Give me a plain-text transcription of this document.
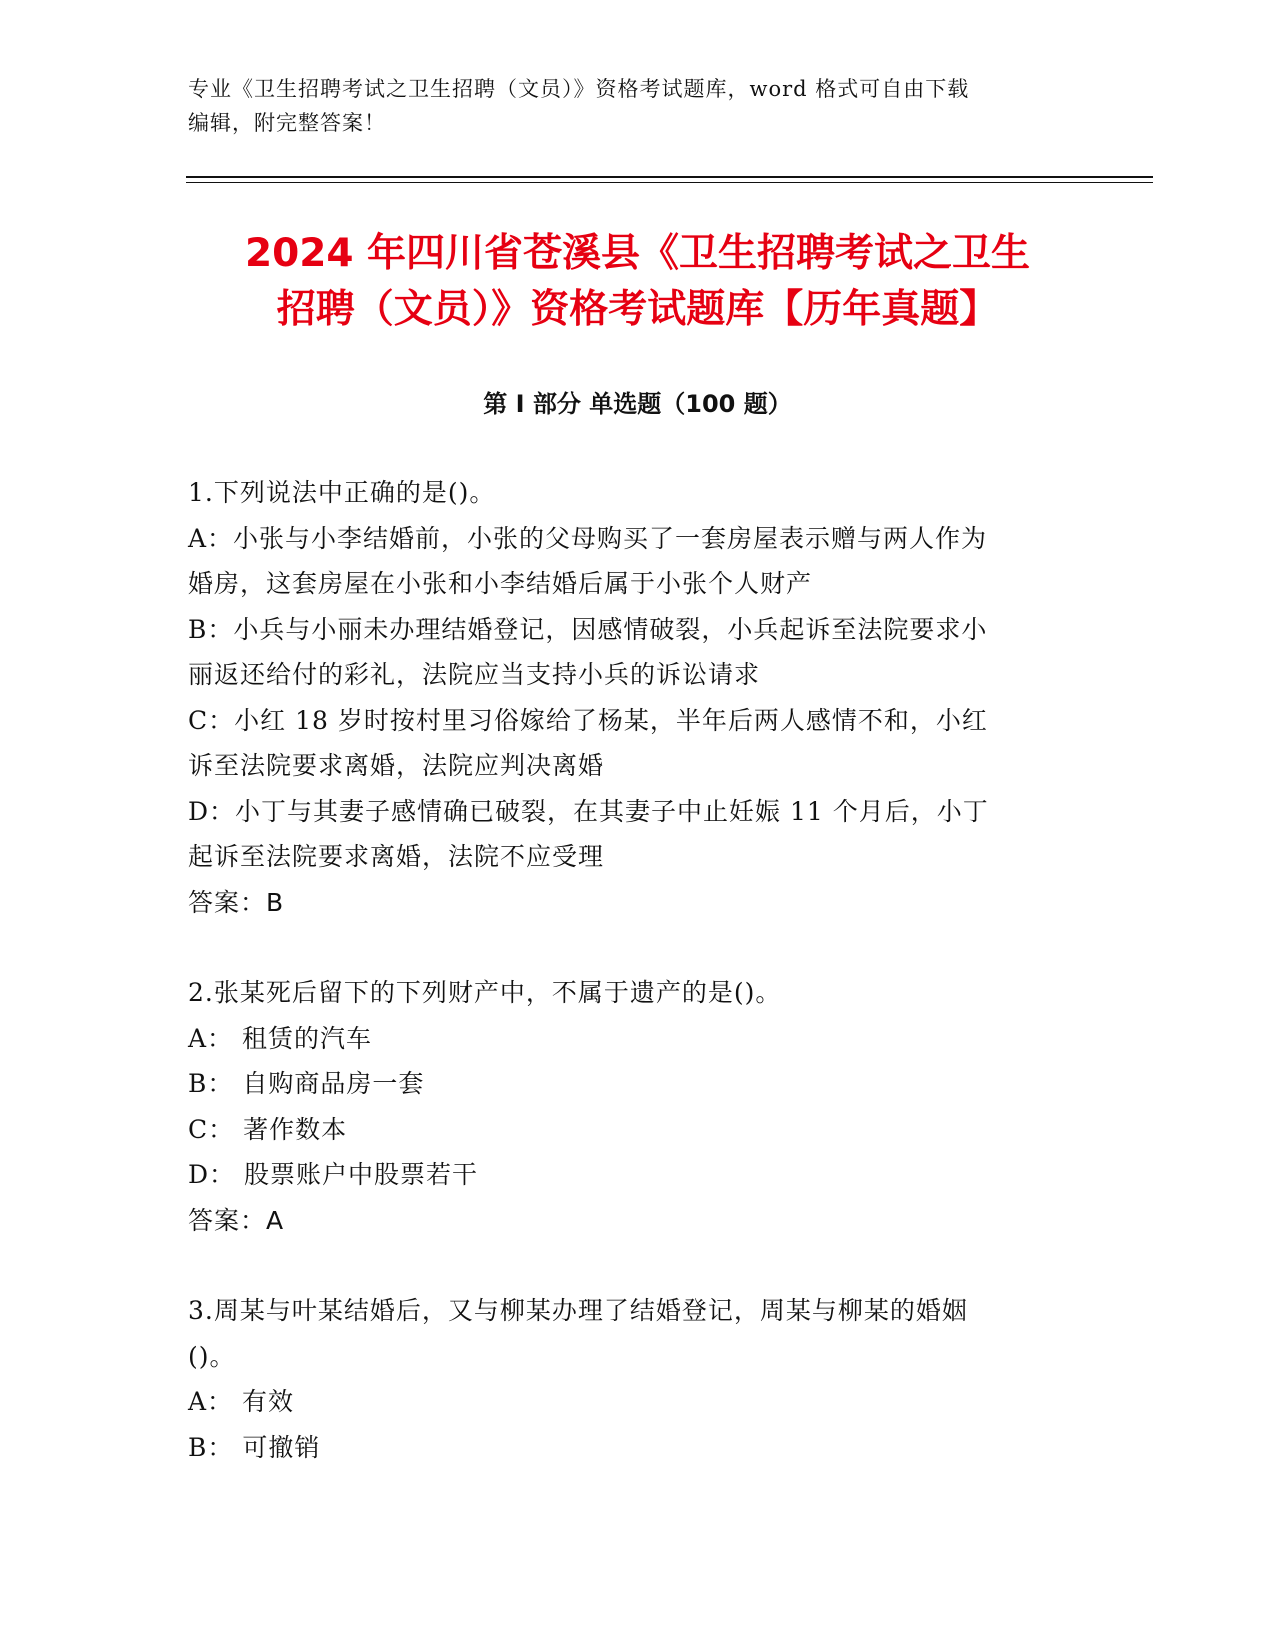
专业《卫生招聘考试之卫生招聘（文员）》资格考试题库，word 格式可自由下载
编辑，附完整答案！
2024 年四川省苍溪县《卫生招聘考试之卫生
招聘（文员）》资格考试题库【历年真题】
第 I 部分 单选题（100 题）

1.下列说法中正确的是()。

A：小张与小李结婚前，小张的父母购买了一套房屋表示赠与两人作为

婚房，这套房屋在小张和小李结婚后属于小张个人财产

B：小兵与小丽未办理结婚登记，因感情破裂，小兵起诉至法院要求小

丽返还给付的彩礼，法院应当支持小兵的诉讼请求

C：小红 18 岁时按村里习俗嫁给了杨某，半年后两人感情不和，小红

诉至法院要求离婚，法院应判决离婚

D：小丁与其妻子感情确已破裂，在其妻子中止妊娠 11 个月后，小丁

起诉至法院要求离婚，法院不应受理

答案：B

2.张某死后留下的下列财产中，不属于遗产的是()。

A： 租赁的汽车

B： 自购商品房一套

C： 著作数本

D： 股票账户中股票若干

答案：A

3.周某与叶某结婚后，又与柳某办理了结婚登记，周某与柳某的婚姻

()。

A： 有效

B： 可撤销
